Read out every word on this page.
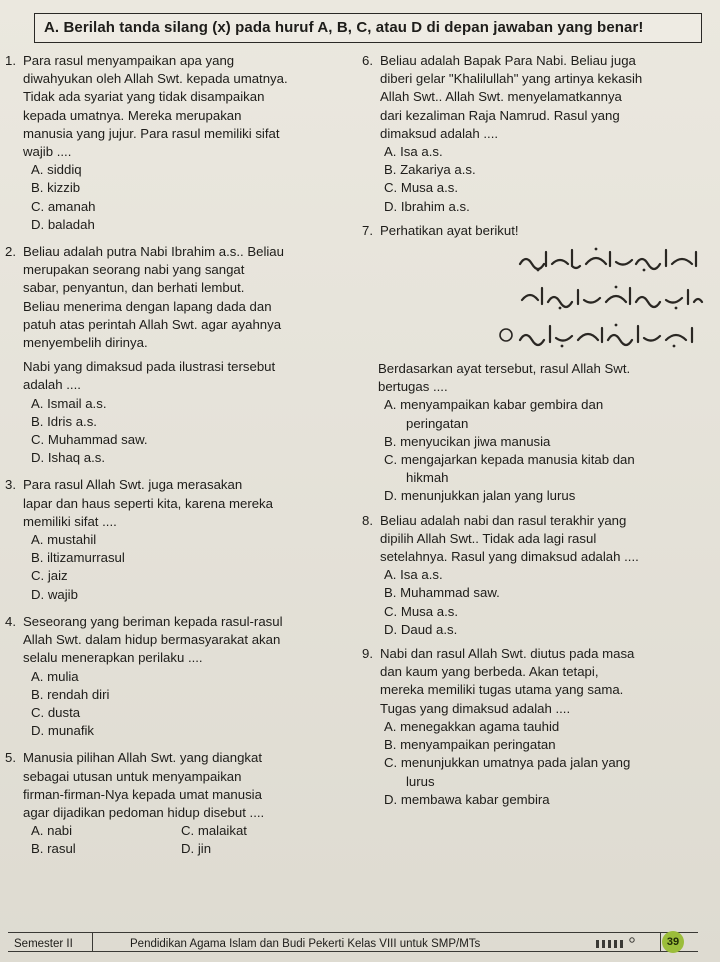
A. Berilah tanda silang (x) pada huruf A, B, C, atau D di depan jawaban yang benar!
1. Para rasul menyampaikan apa yang
diwahyukan oleh Allah Swt. kepada umatnya.
Tidak ada syariat yang tidak disampaikan
kepada umatnya. Mereka merupakan
manusia yang jujur. Para rasul memiliki sifat
wajib ....
A. siddiq
B. kizzib
C. amanah
D. baladah
2. Beliau adalah putra Nabi Ibrahim a.s.. Beliau
merupakan seorang nabi yang sangat
sabar, penyantun, dan berhati lembut.
Beliau menerima dengan lapang dada dan
patuh atas perintah Allah Swt. agar ayahnya
menyembelih dirinya.
Nabi yang dimaksud pada ilustrasi tersebut
adalah ....
A. Ismail a.s.
B. Idris a.s.
C. Muhammad saw.
D. Ishaq a.s.
3. Para rasul Allah Swt. juga merasakan
lapar dan haus seperti kita, karena mereka
memiliki sifat ....
A. mustahil
B. iltizamurrasul
C. jaiz
D. wajib
4. Seseorang yang beriman kepada rasul-rasul
Allah Swt. dalam hidup bermasyarakat akan
selalu menerapkan perilaku ....
A. mulia
B. rendah diri
C. dusta
D. munafik
5. Manusia pilihan Allah Swt. yang diangkat
sebagai utusan untuk menyampaikan
firman-firman-Nya kepada umat manusia
agar dijadikan pedoman hidup disebut ....
A. nabi	C. malaikat
B. rasul	D. jin
6. Beliau adalah Bapak Para Nabi. Beliau juga
diberi gelar "Khalilullah" yang artinya kekasih
Allah Swt.. Allah Swt. menyelamatkannya
dari kezaliman Raja Namrud. Rasul yang
dimaksud adalah ....
A. Isa a.s.
B. Zakariya a.s.
C. Musa a.s.
D. Ibrahim a.s.
7. Perhatikan ayat berikut!
Berdasarkan ayat tersebut, rasul Allah Swt.
bertugas ....
A. menyampaikan kabar gembira dan
peringatan
B. menyucikan jiwa manusia
C. mengajarkan kepada manusia kitab dan
hikmah
D. menunjukkan jalan yang lurus
8. Beliau adalah nabi dan rasul terakhir yang
dipilih Allah Swt.. Tidak ada lagi rasul
setelahnya. Rasul yang dimaksud adalah ....
A. Isa a.s.
B. Muhammad saw.
C. Musa a.s.
D. Daud a.s.
9. Nabi dan rasul Allah Swt. diutus pada masa
dan kaum yang berbeda. Akan tetapi,
mereka memiliki tugas utama yang sama.
Tugas yang dimaksud adalah ....
A. menegakkan agama tauhid
B. menyampaikan peringatan
C. menunjukkan umatnya pada jalan yang
lurus
D. membawa kabar gembira
Semester II	Pendidikan Agama Islam dan Budi Pekerti Kelas VIII untuk SMP/MTs	39
